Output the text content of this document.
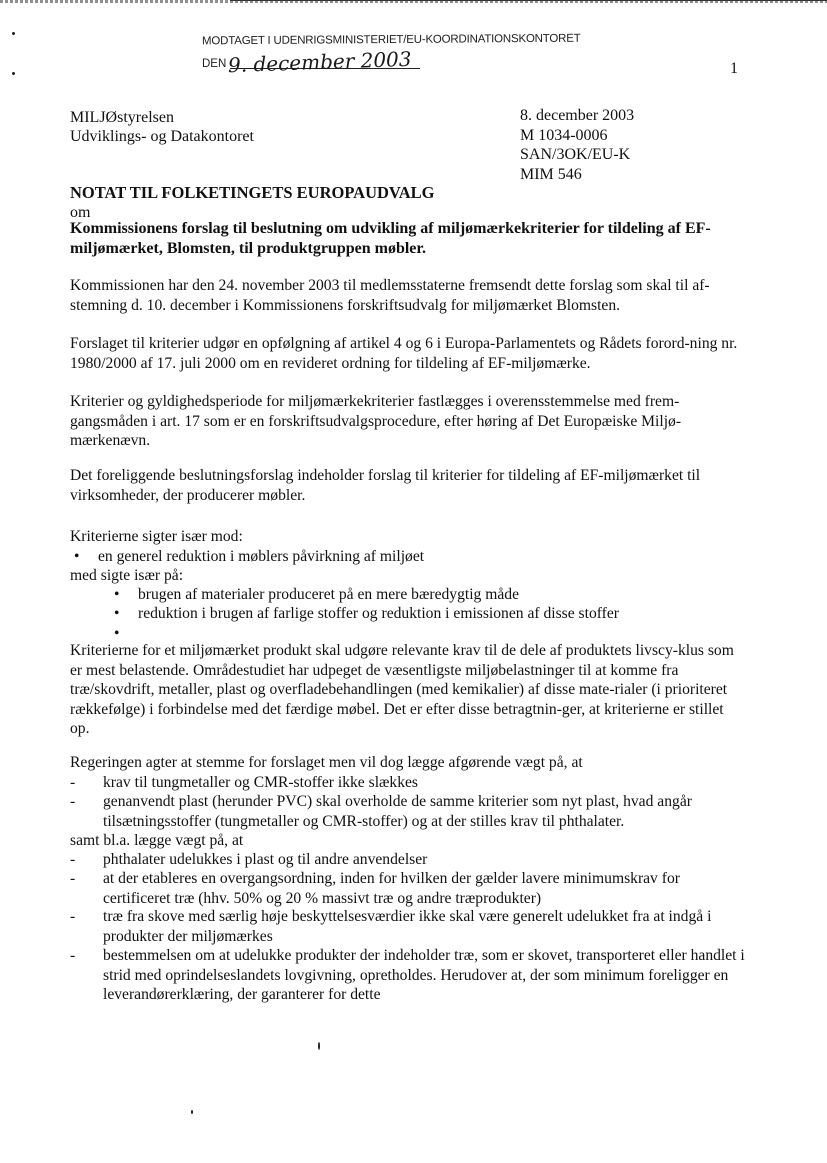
MODTAGET I UDENRIGSMINISTERIET/EU-KOORDINATIONSKONTORET
DEN 9. december 2003	1
MILJØstyrelsen
Udviklings- og Datakontoret
8. december 2003
M 1034-0006
SAN/3OK/EU-K
MIM 546
NOTAT TIL FOLKETINGETS EUROPAUDVALG
om
Kommissionens forslag til beslutning om udvikling af miljømærkekriterier for tildeling af EF-miljømærket, Blomsten, til produktgruppen møbler.
Kommissionen har den 24. november 2003 til medlemsstaterne fremsendt dette forslag som skal til af-stemning d. 10. december i Kommissionens forskriftsudvalg for miljømærket Blomsten.
Forslaget til kriterier udgør en opfølgning af artikel 4 og 6 i Europa-Parlamentets og Rådets forord-ning nr. 1980/2000 af 17. juli 2000 om en revideret ordning for tildeling af EF-miljømærke.
Kriterier og gyldighedsperiode for miljømærkekriterier fastlægges i overensstemmelse med frem-gangsmåden i art. 17 som er en forskriftsudvalgsprocedure, efter høring af Det Europæiske Miljø-mærkenævn.
Det foreliggende beslutningsforslag indeholder forslag til kriterier for tildeling af EF-miljømærket til virksomheder, der producerer møbler.
Kriterierne sigter især mod:
• en generel reduktion i møblers påvirkning af miljøet
med sigte især på:
• brugen af materialer produceret på en mere bæredygtig måde
• reduktion i brugen af farlige stoffer og reduktion i emissionen af disse stoffer
•
Kriterierne for et miljømærket produkt skal udgøre relevante krav til de dele af produktets livscy-klus som er mest belastende. Områdestudiet har udpeget de væsentligste miljøbelastninger til at komme fra træ/skovdrift, metaller, plast og overfladebehandlingen (med kemikalier) af disse mate-rialer (i prioriteret rækkefølge) i forbindelse med det færdige møbel. Det er efter disse betragtnin-ger, at kriterierne er stillet op.
Regeringen agter at stemme for forslaget men vil dog lægge afgørende vægt på, at
- krav til tungmetaller og CMR-stoffer ikke slækkes
- genanvendt plast (herunder PVC) skal overholde de samme kriterier som nyt plast, hvad angår tilsætningsstoffer (tungmetaller og CMR-stoffer) og at der stilles krav til phthalater.
samt bl.a. lægge vægt på, at
- phthalater udelukkes i plast og til andre anvendelser
- at der etableres en overgangsordning, inden for hvilken der gælder lavere minimumskrav for certificeret træ (hhv. 50% og 20 % massivt træ og andre træprodukter)
- træ fra skove med særlig høje beskyttelsesværdier ikke skal være generelt udelukket fra at indgå i produkter der miljømærkes
- bestemmelsen om at udelukke produkter der indeholder træ, som er skovet, transporteret eller handlet i strid med oprindelseslandets lovgivning, opretholdes. Herudover at, der som minimum foreligger en leverandørerklæring, der garanterer for dette
